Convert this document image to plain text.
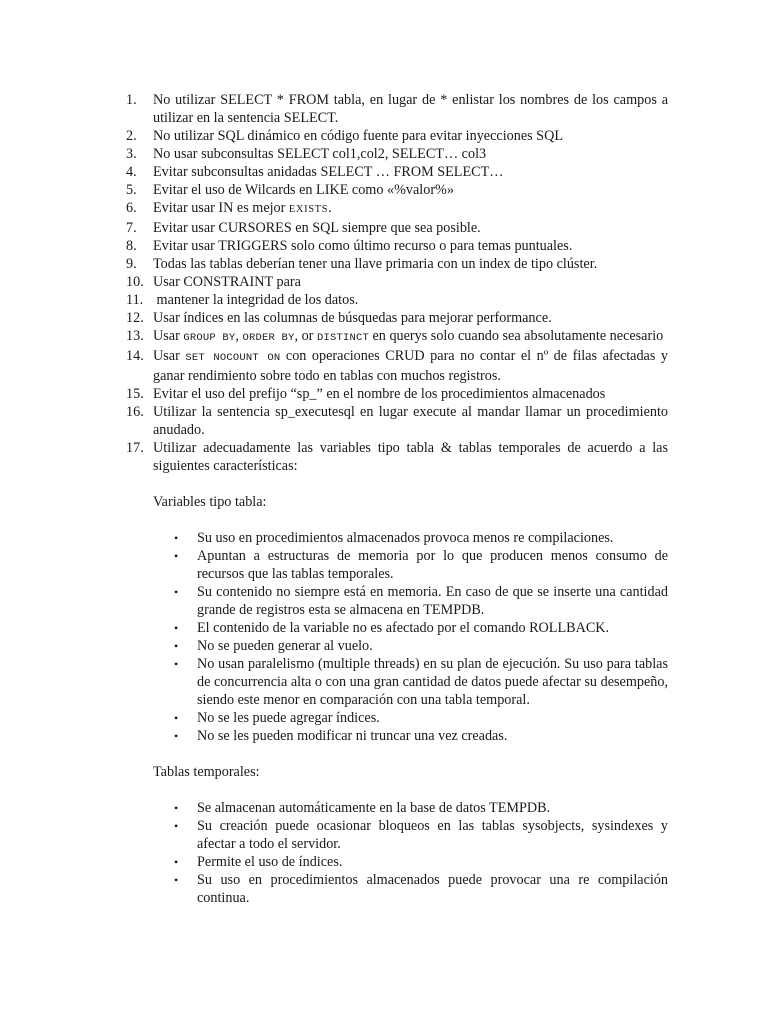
1. No utilizar SELECT * FROM tabla, en lugar de * enlistar los nombres de los campos a utilizar en la sentencia SELECT.
2. No utilizar SQL dinámico en código fuente para evitar inyecciones SQL
3. No usar subconsultas SELECT col1,col2, SELECT… col3
4. Evitar subconsultas anidadas SELECT … FROM SELECT…
5. Evitar el uso de Wilcards en LIKE como «%valor%»
6. Evitar usar IN es mejor EXISTS.
7. Evitar usar CURSORES en SQL siempre que sea posible.
8. Evitar usar TRIGGERS solo como último recurso o para temas puntuales.
9. Todas las tablas deberían tener una llave primaria con un index de tipo clúster.
10. Usar CONSTRAINT para
11. mantener la integridad de los datos.
12. Usar índices en las columnas de búsquedas para mejorar performance.
13. Usar GROUP BY, ORDER BY, or DISTINCT en querys solo cuando sea absolutamente necesario
14. Usar SET NOCOUNT ON con operaciones CRUD para no contar el nº de filas afectadas y ganar rendimiento sobre todo en tablas con muchos registros.
15. Evitar el uso del prefijo “sp_” en el nombre de los procedimientos almacenados
16. Utilizar la sentencia sp_executesql en lugar execute al mandar llamar un procedimiento anudado.
17. Utilizar adecuadamente las variables tipo tabla & tablas temporales de acuerdo a las siguientes características:
Variables tipo tabla:
• Su uso en procedimientos almacenados provoca menos re compilaciones.
• Apuntan a estructuras de memoria por lo que producen menos consumo de recursos que las tablas temporales.
• Su contenido no siempre está en memoria. En caso de que se inserte una cantidad grande de registros esta se almacena en TEMPDB.
• El contenido de la variable no es afectado por el comando ROLLBACK.
• No se pueden generar al vuelo.
• No usan paralelismo (multiple threads) en su plan de ejecución. Su uso para tablas de concurrencia alta o con una gran cantidad de datos puede afectar su desempeño, siendo este menor en comparación con una tabla temporal.
• No se les puede agregar índices.
• No se les pueden modificar ni truncar una vez creadas.
Tablas temporales:
• Se almacenan automáticamente en la base de datos TEMPDB.
• Su creación puede ocasionar bloqueos en las tablas sysobjects, sysindexes y afectar a todo el servidor.
• Permite el uso de índices.
• Su uso en procedimientos almacenados puede provocar una re compilación continua.
